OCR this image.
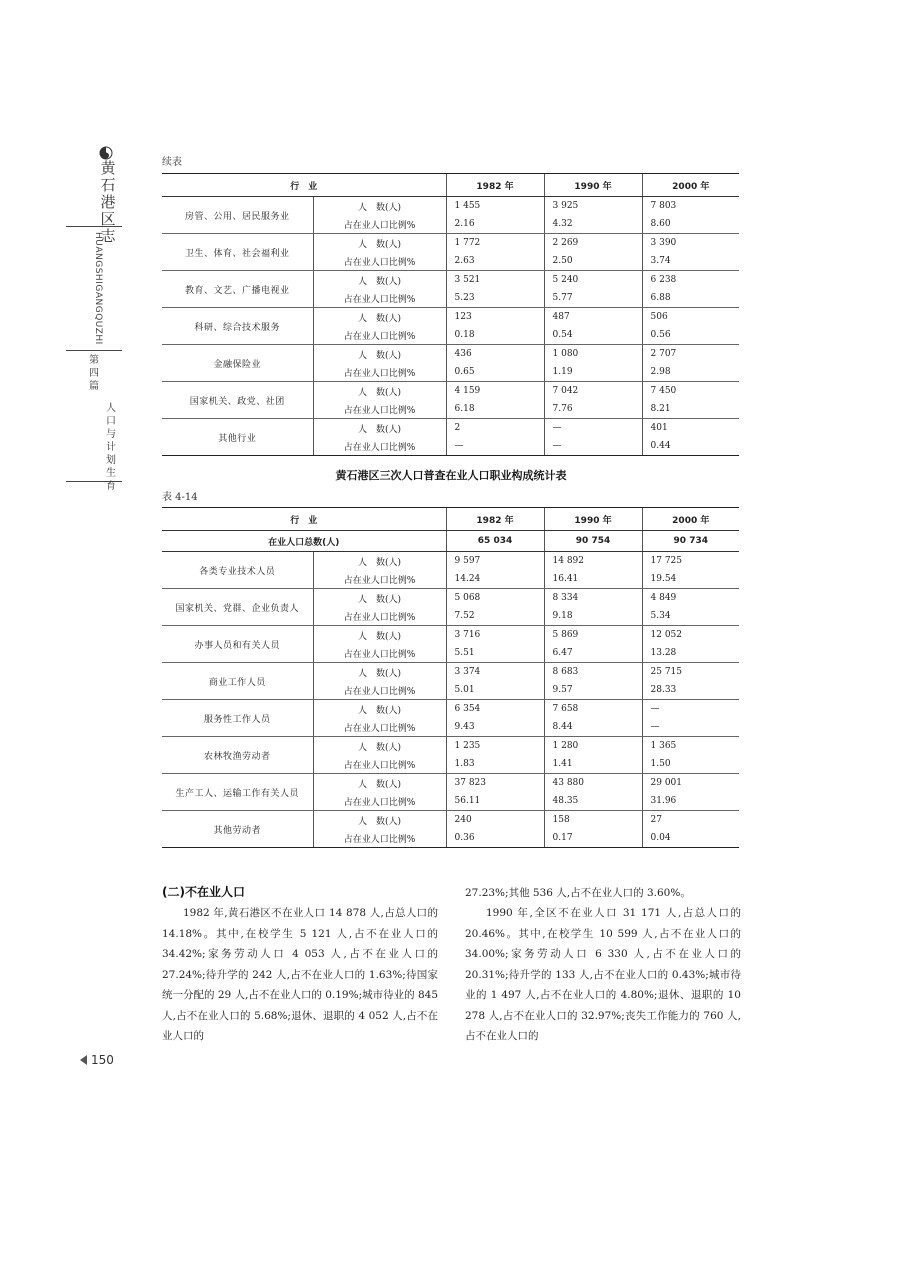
黄石港区志
HUANGSHIGANGQUZHI
第四篇
人口与计划生育
续表
行　业		1982 年	1990 年	2000 年
房管、公用、居民服务业	人　数(人)	1 455	3 925	7 803
	占在业人口比例%	2.16	4.32	8.60
卫生、体育、社会福利业	人　数(人)	1 772	2 269	3 390
	占在业人口比例%	2.63	2.50	3.74
教育、文艺、广播电视业	人　数(人)	3 521	5 240	6 238
	占在业人口比例%	5.23	5.77	6.88
科研、综合技术服务	人　数(人)	123	487	506
	占在业人口比例%	0.18	0.54	0.56
金融保险业	人　数(人)	436	1 080	2 707
	占在业人口比例%	0.65	1.19	2.98
国家机关、政党、社团	人　数(人)	4 159	7 042	7 450
	占在业人口比例%	6.18	7.76	8.21
其他行业	人　数(人)	2	—	401
	占在业人口比例%	—	—	0.44
黄石港区三次人口普查在业人口职业构成统计表
表 4-14
行　业		1982 年	1990 年	2000 年
在业人口总数(人)		65 034	90 754	90 734
各类专业技术人员	人　数(人)	9 597	14 892	17 725
	占在业人口比例%	14.24	16.41	19.54
国家机关、党群、企业负责人	人　数(人)	5 068	8 334	4 849
	占在业人口比例%	7.52	9.18	5.34
办事人员和有关人员	人　数(人)	3 716	5 869	12 052
	占在业人口比例%	5.51	6.47	13.28
商业工作人员	人　数(人)	3 374	8 683	25 715
	占在业人口比例%	5.01	9.57	28.33
服务性工作人员	人　数(人)	6 354	7 658	—
	占在业人口比例%	9.43	8.44	—
农林牧渔劳动者	人　数(人)	1 235	1 280	1 365
	占在业人口比例%	1.83	1.41	1.50
生产工人、运输工作有关人员	人　数(人)	37 823	43 880	29 001
	占在业人口比例%	56.11	48.35	31.96
其他劳动者	人　数(人)	240	158	27
	占在业人口比例%	0.36	0.17	0.04
(二)不在业人口

1982 年,黄石港区不在业人口 14 878 人,占总人口的 14.18%。其中,在校学生 5 121 人,占不在业人口的 34.42%;家务劳动人口 4 053 人,占不在业人口的 27.24%;待升学的 242 人,占不在业人口的 1.63%;待国家统一分配的 29 人,占不在业人口的 0.19%;城市待业的 845 人,占不在业人口的 5.68%;退休、退职的 4 052 人,占不在业人口的

27.23%;其他 536 人,占不在业人口的 3.60%。

1990 年,全区不在业人口 31 171 人,占总人口的 20.46%。其中,在校学生 10 599 人,占不在业人口的 34.00%;家务劳动人口 6 330 人,占不在业人口的 20.31%;待升学的 133 人,占不在业人口的 0.43%;城市待业的 1 497 人,占不在业人口的 4.80%;退休、退职的 10 278 人,占不在业人口的 32.97%;丧失工作能力的 760 人,占不在业人口的

150
